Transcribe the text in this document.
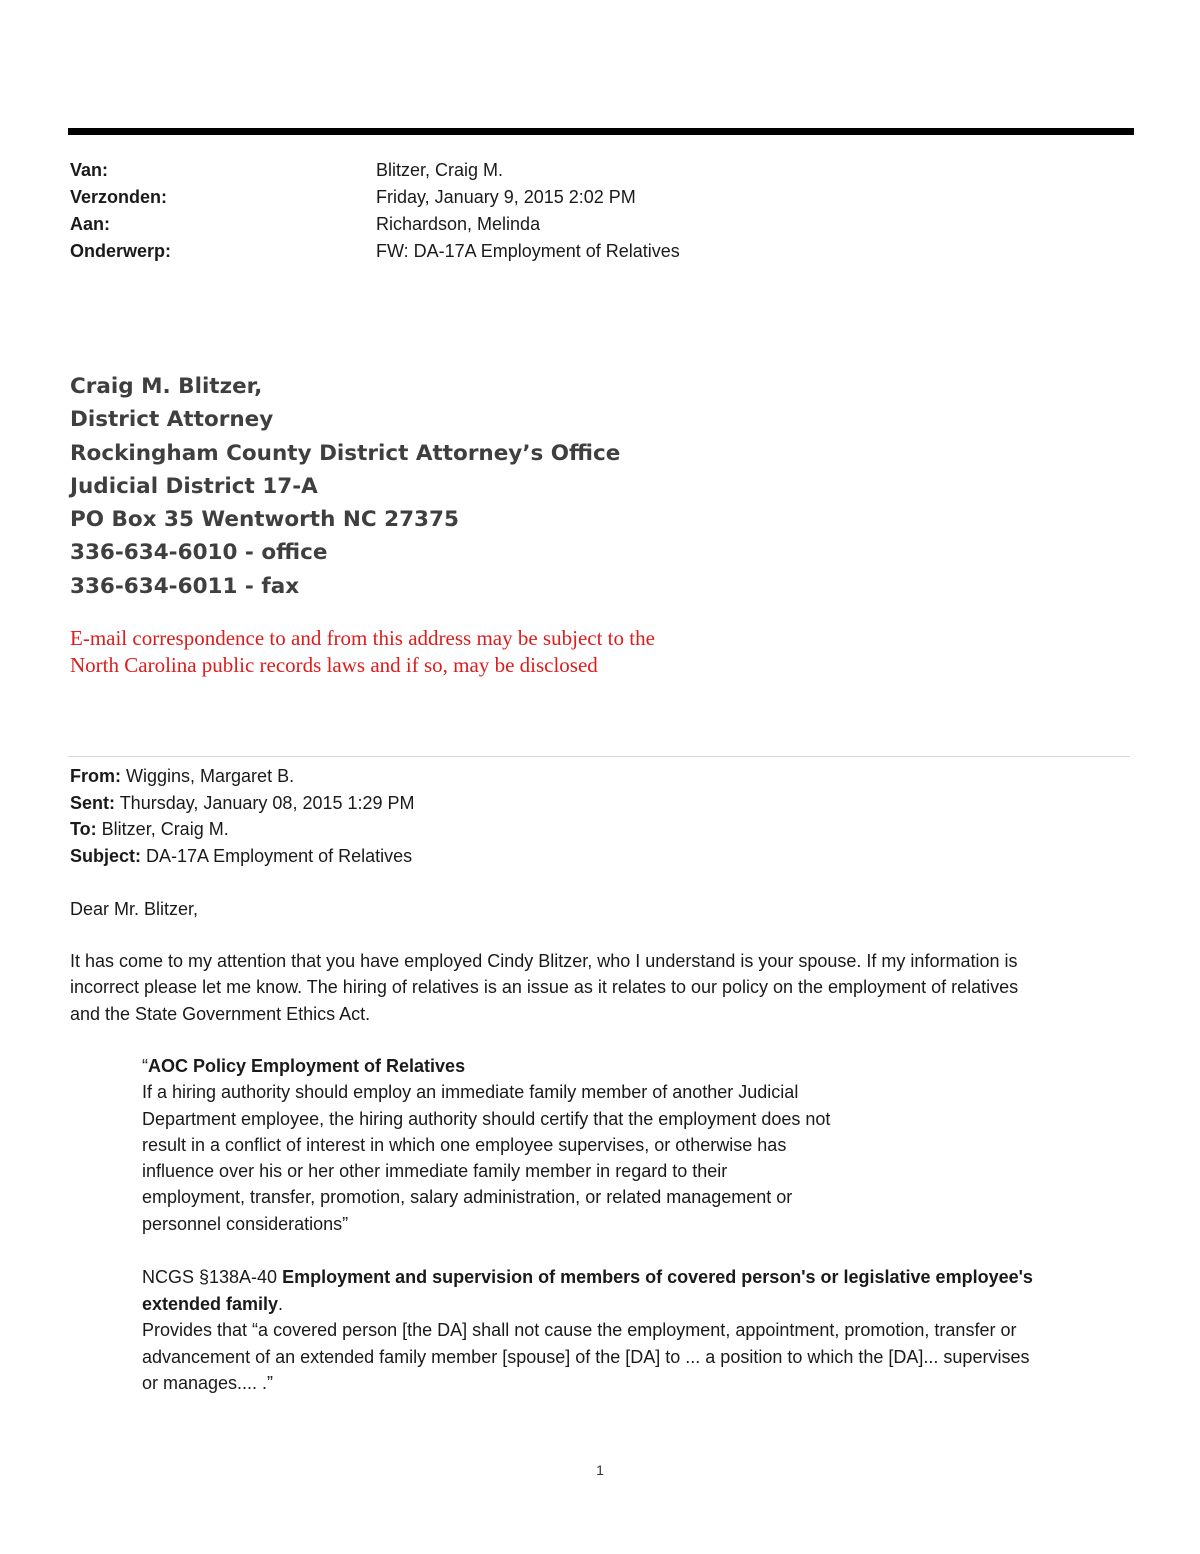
Van:	Blitzer, Craig M.
Verzonden:	Friday, January 9, 2015 2:02 PM
Aan:	Richardson, Melinda
Onderwerp:	FW: DA-17A Employment of Relatives
Craig M. Blitzer,
District Attorney
Rockingham County District Attorney’s Office
Judicial District 17-A
PO Box 35 Wentworth NC 27375
336-634-6010 - office
336-634-6011 - fax
E-mail correspondence to and from this address may be subject to the
North Carolina public records laws and if so, may be disclosed
From: Wiggins, Margaret B.
Sent: Thursday, January 08, 2015 1:29 PM
To: Blitzer, Craig M.
Subject: DA-17A Employment of Relatives
Dear Mr. Blitzer,
It has come to my attention that you have employed Cindy Blitzer, who I understand is your spouse. If my information is
incorrect please let me know. The hiring of relatives is an issue as it relates to our policy on the employment of relatives
and the State Government Ethics Act.
“AOC Policy Employment of Relatives
If a hiring authority should employ an immediate family member of another Judicial
Department employee, the hiring authority should certify that the employment does not
result in a conflict of interest in which one employee supervises, or otherwise has
influence over his or her other immediate family member in regard to their
employment, transfer, promotion, salary administration, or related management or
personnel considerations”
NCGS §138A-40 Employment and supervision of members of covered person's or legislative employee's
extended family.
Provides that “a covered person [the DA] shall not cause the employment, appointment, promotion, transfer or
advancement of an extended family member [spouse] of the [DA] to ... a position to which the [DA]... supervises
or manages.... .”
1
